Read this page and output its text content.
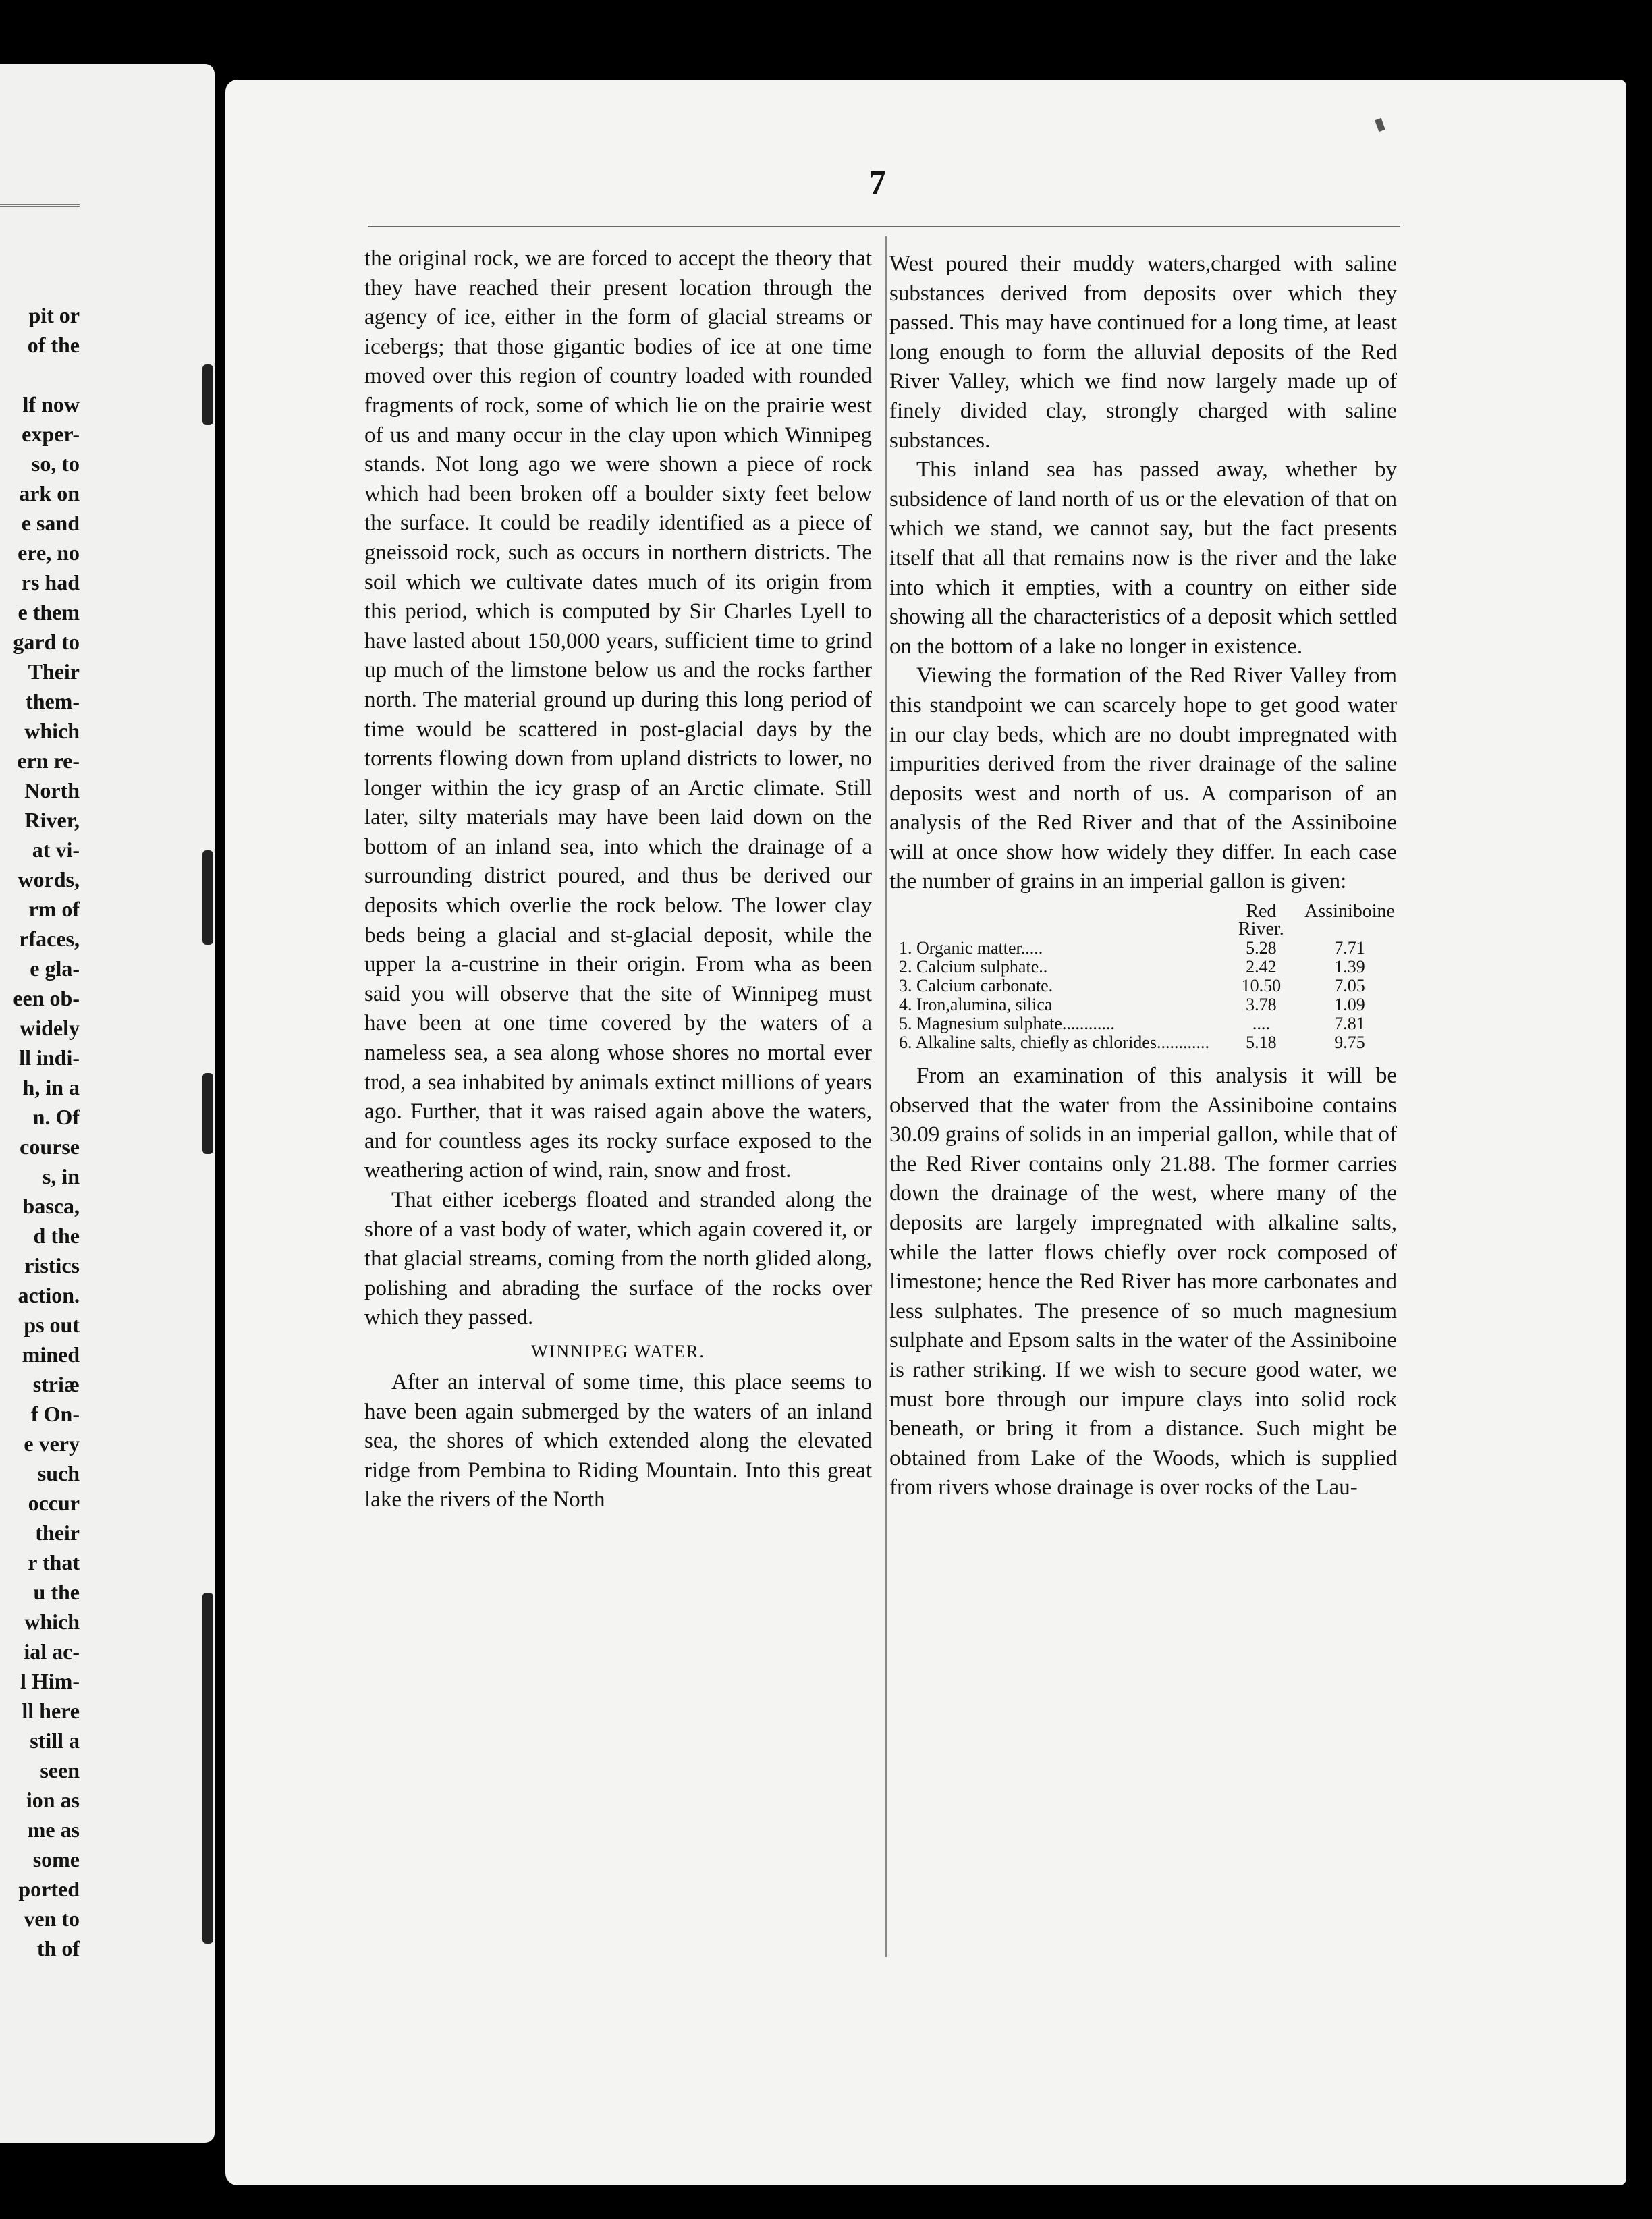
pit or
of the
lf now
exper-
so, to
ark on
e sand
ere, no
rs had
e them
gard to
Their
them-
which
ern re-
North
River,
at vi-
words,
rm of
rfaces,
e gla-
een ob-
widely
ll indi-
h, in a
n. Of
course
s, in
basca,
d the
ristics
action.
ps out
mined
striæ
f On-
e very
such
occur
their
r that
u the
which
ial ac-
l Him-
ll here
still a
seen
ion as
me as
some
ported
ven to
th of
7

the original rock, we are forced to accept the theory that they have reached their present location through the agency of ice, either in the form of glacial streams or icebergs; that those gigantic bodies of ice at one time moved over this region of country loaded with rounded fragments of rock, some of which lie on the prairie west of us and many occur in the clay upon which Winnipeg stands. Not long ago we were shown a piece of rock which had been broken off a boulder sixty feet below the surface. It could be readily identified as a piece of gneissoid rock, such as occurs in northern districts. The soil which we cultivate dates much of its origin from this period, which is computed by Sir Charles Lyell to have lasted about 150,000 years, sufficient time to grind up much of the limstone below us and the rocks farther north. The material ground up during this long period of time would be scattered in post-glacial days by the torrents flowing down from upland districts to lower, no longer within the icy grasp of an Arctic climate. Still later, silty materials may have been laid down on the bottom of an inland sea, into which the drainage of a surrounding district poured, and thus be derived our deposits which overlie the rock below. The lower clay beds being a glacial and st-glacial deposit, while the upper la a-custrine in their origin. From wha as been said you will observe that the site of Winnipeg must have been at one time covered by the waters of a nameless sea, a sea along whose shores no mortal ever trod, a sea inhabited by animals extinct millions of years ago. Further, that it was raised again above the waters, and for countless ages its rocky surface exposed to the weathering action of wind, rain, snow and frost.

That either icebergs floated and stranded along the shore of a vast body of water, which again covered it, or that glacial streams, coming from the north glided along, polishing and abrading the surface of the rocks over which they passed.

WINNIPEG WATER.

After an interval of some time, this place seems to have been again submerged by the waters of an inland sea, the shores of which extended along the elevated ridge from Pembina to Riding Mountain. Into this great lake the rivers of the North

West poured their muddy waters,charged with saline substances derived from deposits over which they passed. This may have continued for a long time, at least long enough to form the alluvial deposits of the Red River Valley, which we find now largely made up of finely divided clay, strongly charged with saline substances.

This inland sea has passed away, whether by subsidence of land north of us or the elevation of that on which we stand, we cannot say, but the fact presents itself that all that remains now is the river and the lake into which it empties, with a country on either side showing all the characteristics of a deposit which settled on the bottom of a lake no longer in existence.

Viewing the formation of the Red River Valley from this standpoint we can scarcely hope to get good water in our clay beds, which are no doubt impregnated with impurities derived from the river drainage of the saline deposits west and north of us. A comparison of an analysis of the Red River and that of the Assiniboine will at once show how widely they differ. In each case the number of grains in an imperial gallon is given:

	Red River.	Assiniboine
1. Organic matter.....	5.28	7.71
2. Calcium sulphate..	2.42	1.39
3. Calcium carbonate.	10.50	7.05
4. Iron,alumina, silica	3.78	1.09
5. Magnesium sulphate............	....	7.81
6. Alkaline salts, chiefly as chlorides............	5.18	9.75

From an examination of this analysis it will be observed that the water from the Assiniboine contains 30.09 grains of solids in an imperial gallon, while that of the Red River contains only 21.88. The former carries down the drainage of the west, where many of the deposits are largely impregnated with alkaline salts, while the latter flows chiefly over rock composed of limestone; hence the Red River has more carbonates and less sulphates. The presence of so much magnesium sulphate and Epsom salts in the water of the Assiniboine is rather striking. If we wish to secure good water, we must bore through our impure clays into solid rock beneath, or bring it from a distance. Such might be obtained from Lake of the Woods, which is supplied from rivers whose drainage is over rocks of the Lau-
